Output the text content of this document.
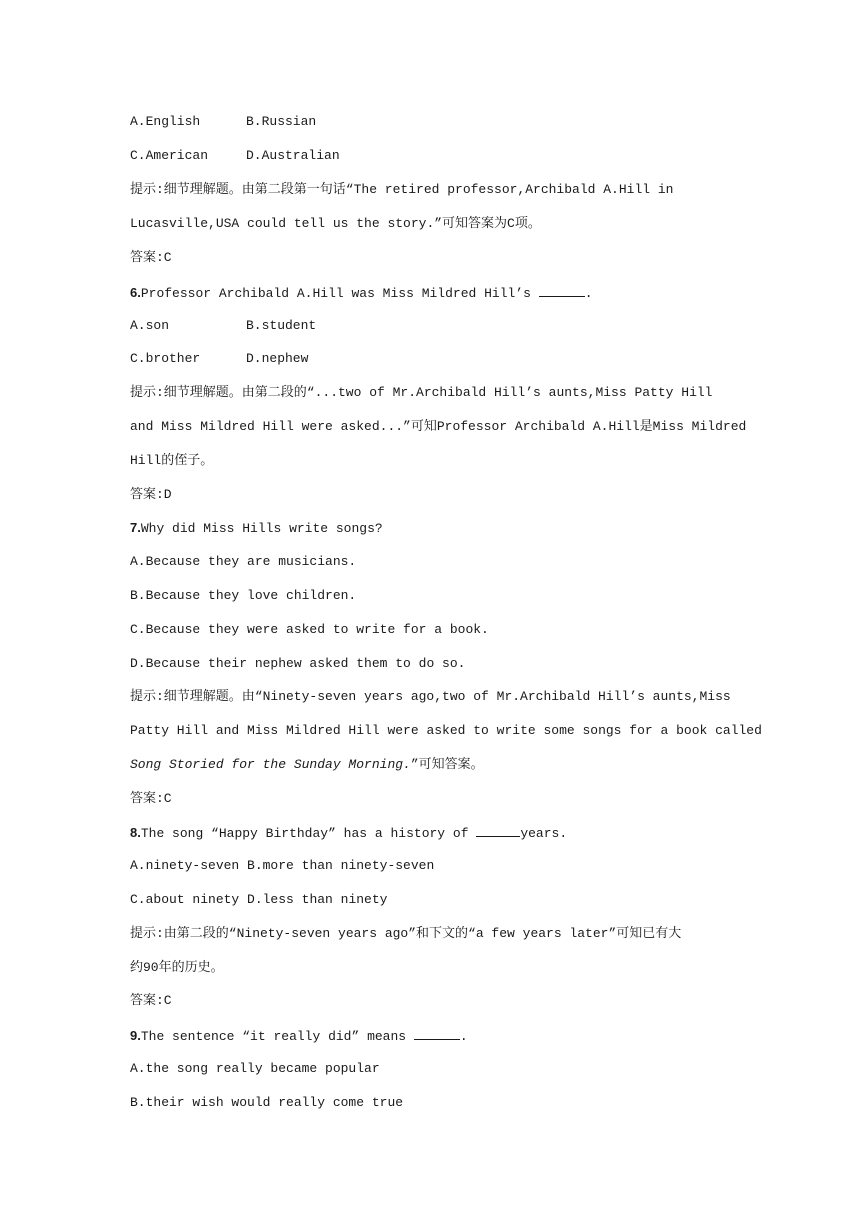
A.English	B.Russian
C.American	D.Australian
提示:细节理解题。由第二段第一句话“The retired professor,Archibald A.Hill in
Lucasville,USA could tell us the story.”可知答案为C项。
答案:C
6.Professor Archibald A.Hill was Miss Mildred Hill’s	.
A.son	B.student
C.brother	D.nephew
提示:细节理解题。由第二段的“...two of Mr.Archibald Hill’s aunts,Miss Patty Hill
and Miss Mildred Hill were asked...”可知Professor Archibald A.Hill是Miss Mildred
Hill的侄子。
答案:D
7.Why did Miss Hills write songs?
A.Because they are musicians.
B.Because they love children.
C.Because they were asked to write for a book.
D.Because their nephew asked them to do so.
提示:细节理解题。由“Ninety-seven years ago,two of Mr.Archibald Hill’s aunts,Miss
Patty Hill and Miss Mildred Hill were asked to write some songs for a book called
Song Storied for the Sunday Morning.”可知答案。
答案:C
8.The song “Happy Birthday” has a history of	years.
A.ninety-seven B.more than ninety-seven
C.about ninety D.less than ninety
提示:由第二段的“Ninety-seven years ago”和下文的“a few years later”可知已有大
约90年的历史。
答案:C
9.The sentence “it really did” means	.
A.the song really became popular
B.their wish would really come true
